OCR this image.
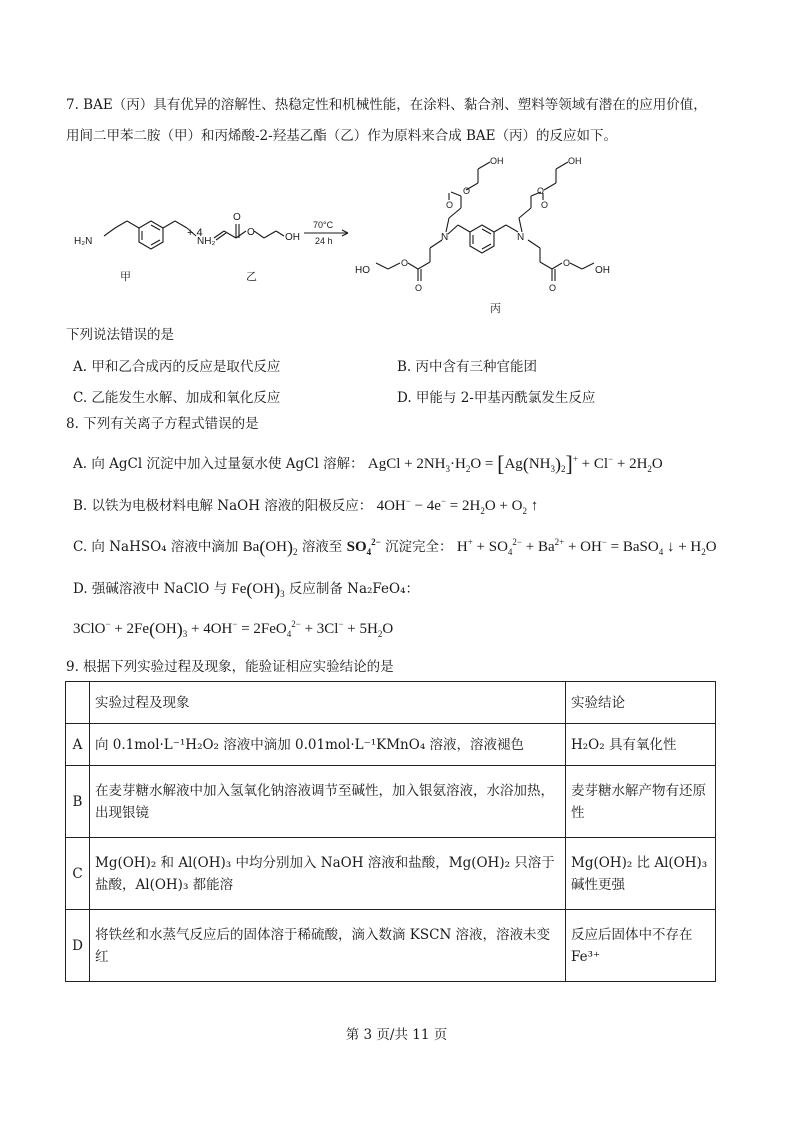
7. BAE（丙）具有优异的溶解性、热稳定性和机械性能，在涂料、黏合剂、塑料等领域有潜在的应用价值，
用间二甲苯二胺（甲）和丙烯酸-2-羟基乙酯（乙）作为原料来合成 BAE（丙）的反应如下。
H₂N	NH₂
甲
+ 4
O
O	OH
乙
70°C
24 h	N	N
O	O
O	O
OH	OH
O	O
O	O
HO	OH
丙
下列说法错误的是
A. 甲和乙合成丙的反应是取代反应	B. 丙中含有三种官能团
C. 乙能发生水解、加成和氧化反应	D. 甲能与 2-甲基丙酰氯发生反应
8. 下列有关离子方程式错误的是
A. 向 AgCl 沉淀中加入过量氨水使 AgCl 溶解： AgCl + $2NH_3\cdot H_2O = [Ag(NH_3)_2]^+ + Cl^- + 2H_2O$
B. 以铁为电极材料电解 NaOH 溶液的阳极反应： $4OH^- - 4e^- = 2H_2O + O_2$ ↑
C. 向 NaHSO₄ 溶液中滴加 $Ba(OH)_2$ 溶液至 $SO_4^{2-}$ 沉淀完全： $H^+ + SO_4^{2-} + Ba^{2+} + OH^-$ = BaSO$_4$ ↓ + $H_2O$
D. 强碱溶液中 NaClO 与 $Fe(OH)_3$ 反应制备 Na₂FeO₄：
$3ClO^- + 2Fe(OH)_3 + 4OH^- = 2FeO_4^{2-} + 3Cl^- + 5H_2O$
9. 根据下列实验过程及现象，能验证相应实验结论的是
	实验过程及现象	实验结论
A	向 0.1mol·L⁻¹H₂O₂ 溶液中滴加 0.01mol·L⁻¹KMnO₄ 溶液，溶液褪色	H₂O₂ 具有氧化性
B	在麦芽糖水解液中加入氢氧化钠溶液调节至碱性，加入银氨溶液，水浴加热，出现银镜	麦芽糖水解产物有还原性
C	Mg(OH)₂ 和 Al(OH)₃ 中均分别加入 NaOH 溶液和盐酸，Mg(OH)₂ 只溶于盐酸，Al(OH)₃ 都能溶	Mg(OH)₂ 比 Al(OH)₃ 碱性更强
D	将铁丝和水蒸气反应后的固体溶于稀硫酸，滴入数滴 KSCN 溶液，溶液未变红	反应后固体中不存在 Fe³⁺
第 3 页/共 11 页
